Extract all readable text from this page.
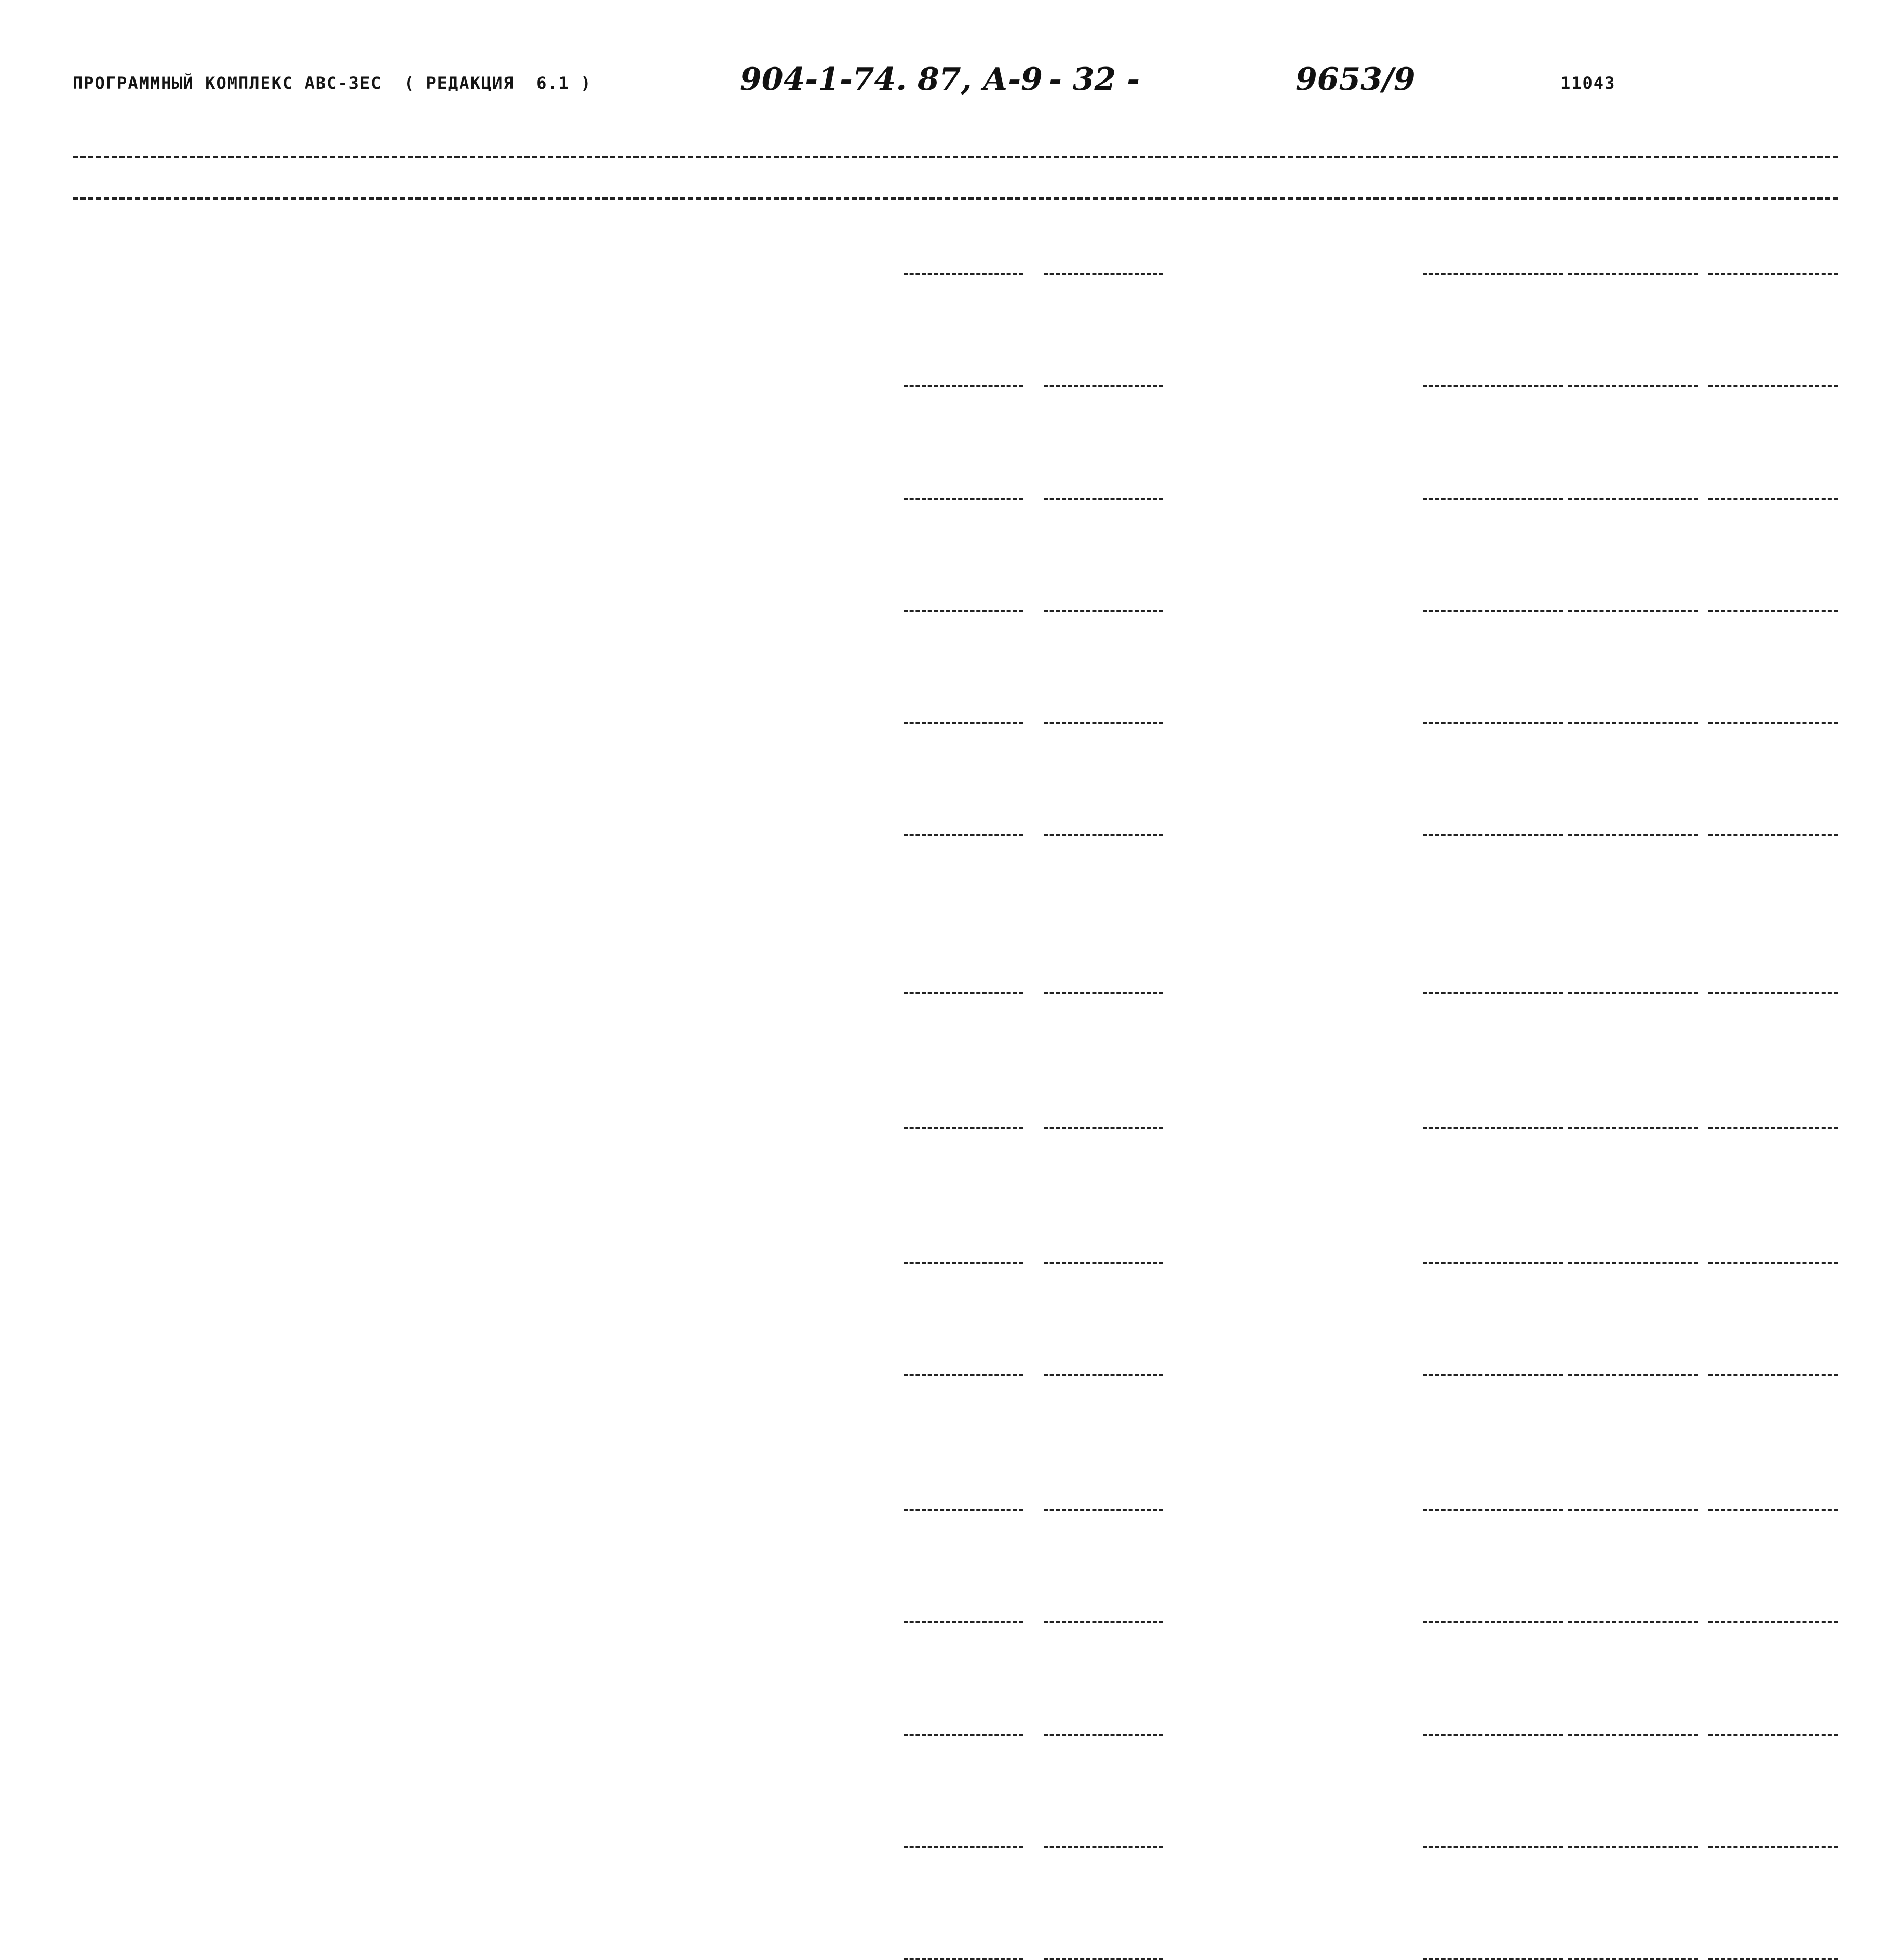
ПРОГРАММНЫЙ КОМПЛЕКС АВС-ЗЕС  ( РЕДАКЦИЯ  6.1 )	904-1-74. 87, А-9 - 32 -	9653/9	11043
